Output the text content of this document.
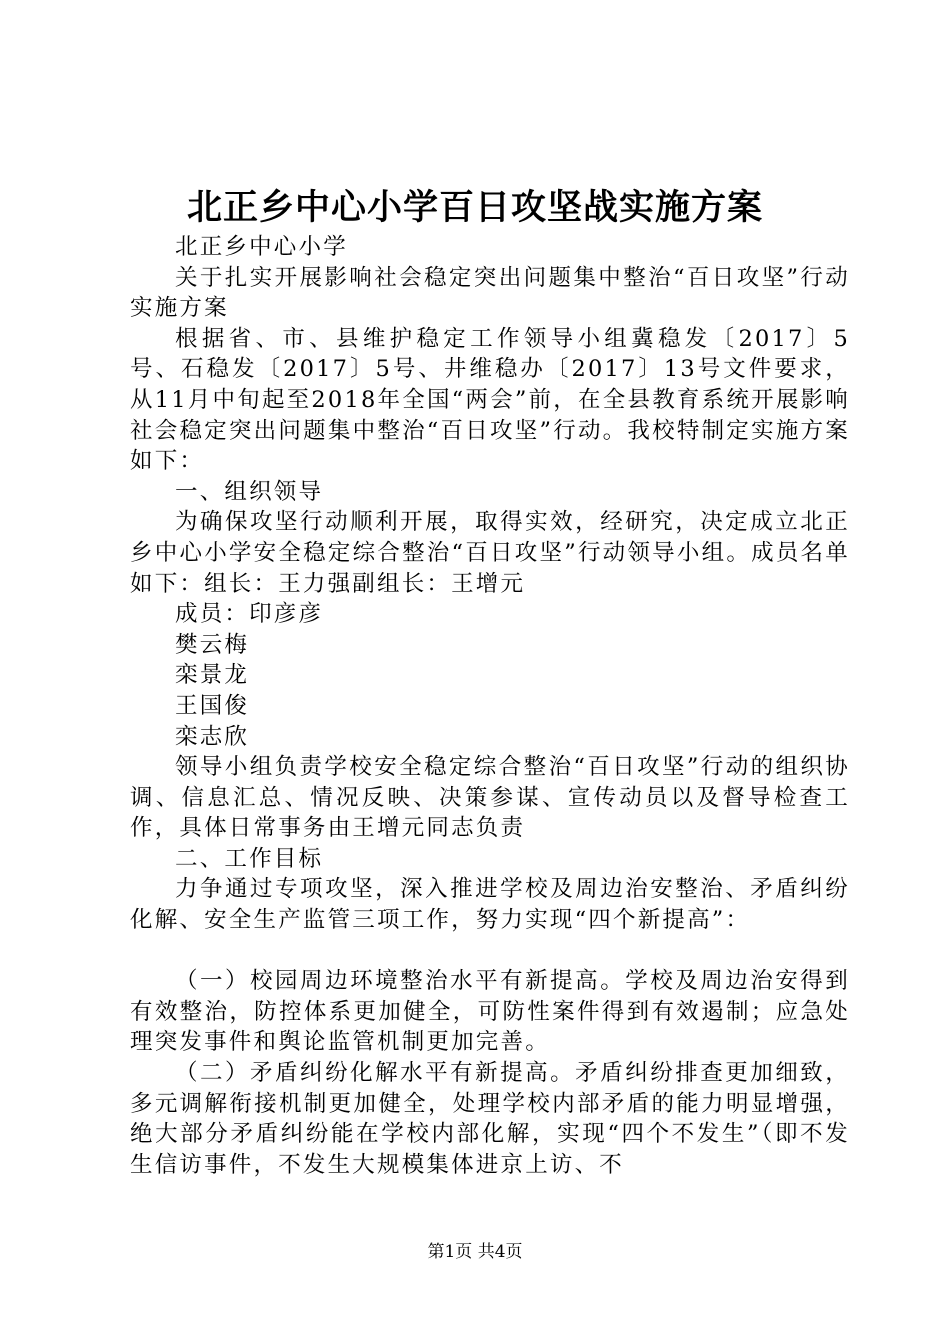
北正乡中心小学百日攻坚战实施方案

北正乡中心小学

关于扎实开展影响社会稳定突出问题集中整治“百日攻坚”行动实施方案

根据省、市、县维护稳定工作领导小组冀稳发〔2017〕5号、石稳发〔2017〕5号、井维稳办〔2017〕13号文件要求，从11月中旬起至2018年全国“两会”前，在全县教育系统开展影响社会稳定突出问题集中整治“百日攻坚”行动。我校特制定实施方案如下：

一、组织领导

为确保攻坚行动顺利开展，取得实效，经研究，决定成立北正乡中心小学安全稳定综合整治“百日攻坚”行动领导小组。成员名单如下：组长：王力强副组长：王增元

成员：印彦彦

樊云梅

栾景龙

王国俊

栾志欣

领导小组负责学校安全稳定综合整治“百日攻坚”行动的组织协调、信息汇总、情况反映、决策参谋、宣传动员以及督导检查工作，具体日常事务由王增元同志负责

二、工作目标

力争通过专项攻坚，深入推进学校及周边治安整治、矛盾纠纷化解、安全生产监管三项工作，努力实现“四个新提高”：

（一）校园周边环境整治水平有新提高。学校及周边治安得到有效整治，防控体系更加健全，可防性案件得到有效遏制；应急处理突发事件和舆论监管机制更加完善。

（二）矛盾纠纷化解水平有新提高。矛盾纠纷排查更加细致，多元调解衔接机制更加健全，处理学校内部矛盾的能力明显增强，绝大部分矛盾纠纷能在学校内部化解，实现“四个不发生”（即不发生信访事件，不发生大规模集体进京上访、不

第1页 共4页
